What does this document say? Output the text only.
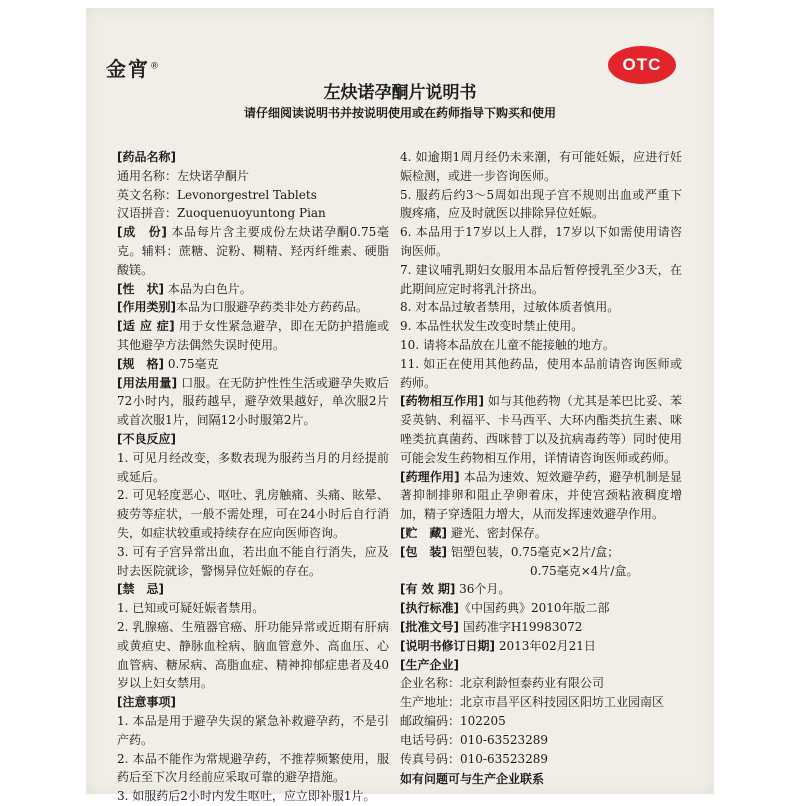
金宵®	OTC
左炔诺孕酮片说明书
请仔细阅读说明书并按说明使用或在药师指导下购买和使用

[药品名称]

通用名称：左炔诺孕酮片

英文名称：Levonorgestrel Tablets

汉语拼音：Zuoquenuoyuntong Pian

[成　份] 本品每片含主要成份左炔诺孕酮0.75毫克。辅料：蔗糖、淀粉、糊精、羟丙纤维素、硬脂酸镁。

[性　状] 本品为白色片。

[作用类别]本品为口服避孕药类非处方药药品。

[适 应 症] 用于女性紧急避孕，即在无防护措施或其他避孕方法偶然失误时使用。

[规　格] 0.75毫克

[用法用量] 口服。在无防护性性生活或避孕失败后72小时内，服药越早，避孕效果越好，单次服2片或首次服1片，间隔12小时服第2片。

[不良反应]

1. 可见月经改变，多数表现为服药当月的月经提前或延后。

2. 可见轻度恶心、呕吐、乳房触痛、头痛、眩晕、疲劳等症状，一般不需处理，可在24小时后自行消失，如症状较重或持续存在应向医师咨询。

3. 可有子宫异常出血，若出血不能自行消失，应及时去医院就诊，警惕异位妊娠的存在。

[禁　忌]

1. 已知或可疑妊娠者禁用。

2. 乳腺癌、生殖器官癌、肝功能异常或近期有肝病或黄疸史、静脉血栓病、脑血管意外、高血压、心血管病、糖尿病、高脂血症、精神抑郁症患者及40岁以上妇女禁用。

[注意事项]

1. 本品是用于避孕失误的紧急补救避孕药，不是引产药。

2. 本品不能作为常规避孕药，不推荐频繁使用，服药后至下次月经前应采取可靠的避孕措施。

3. 如服药后2小时内发生呕吐，应立即补服1片。

4. 如逾期1周月经仍未来潮，有可能妊娠，应进行妊娠检测，或进一步咨询医师。

5. 服药后约3～5周如出现子宫不规则出血或严重下腹疼痛，应及时就医以排除异位妊娠。

6. 本品用于17岁以上人群，17岁以下如需使用请咨询医师。

7. 建议哺乳期妇女服用本品后暂停授乳至少3天，在此期间应定时将乳汁挤出。

8. 对本品过敏者禁用，过敏体质者慎用。

9. 本品性状发生改变时禁止使用。

10. 请将本品放在儿童不能接触的地方。

11. 如正在使用其他药品，使用本品前请咨询医师或药师。

[药物相互作用] 如与其他药物（尤其是苯巴比妥、苯妥英钠、利福平、卡马西平、大环内酯类抗生素、咪唑类抗真菌药、西咪替丁以及抗病毒药等）同时使用可能会发生药物相互作用，详情请咨询医师或药师。

[药理作用] 本品为速效、短效避孕药，避孕机制是显著抑制排卵和阻止孕卵着床，并使宫颈粘液稠度增加，精子穿透阻力增大，从而发挥速效避孕作用。

[贮　藏] 避光、密封保存。

[包　装] 铝塑包装，0.75毫克×2片/盒；

0.75毫克×4片/盒。

[有 效 期] 36个月。

[执行标准]《中国药典》2010年版二部

[批准文号] 国药准字H19983072

[说明书修订日期] 2013年02月21日

[生产企业]

企业名称：北京利龄恒泰药业有限公司

生产地址：北京市昌平区科技园区阳坊工业园南区

邮政编码：102205

电话号码：010-63523289

传真号码：010-63523289

如有问题可与生产企业联系
